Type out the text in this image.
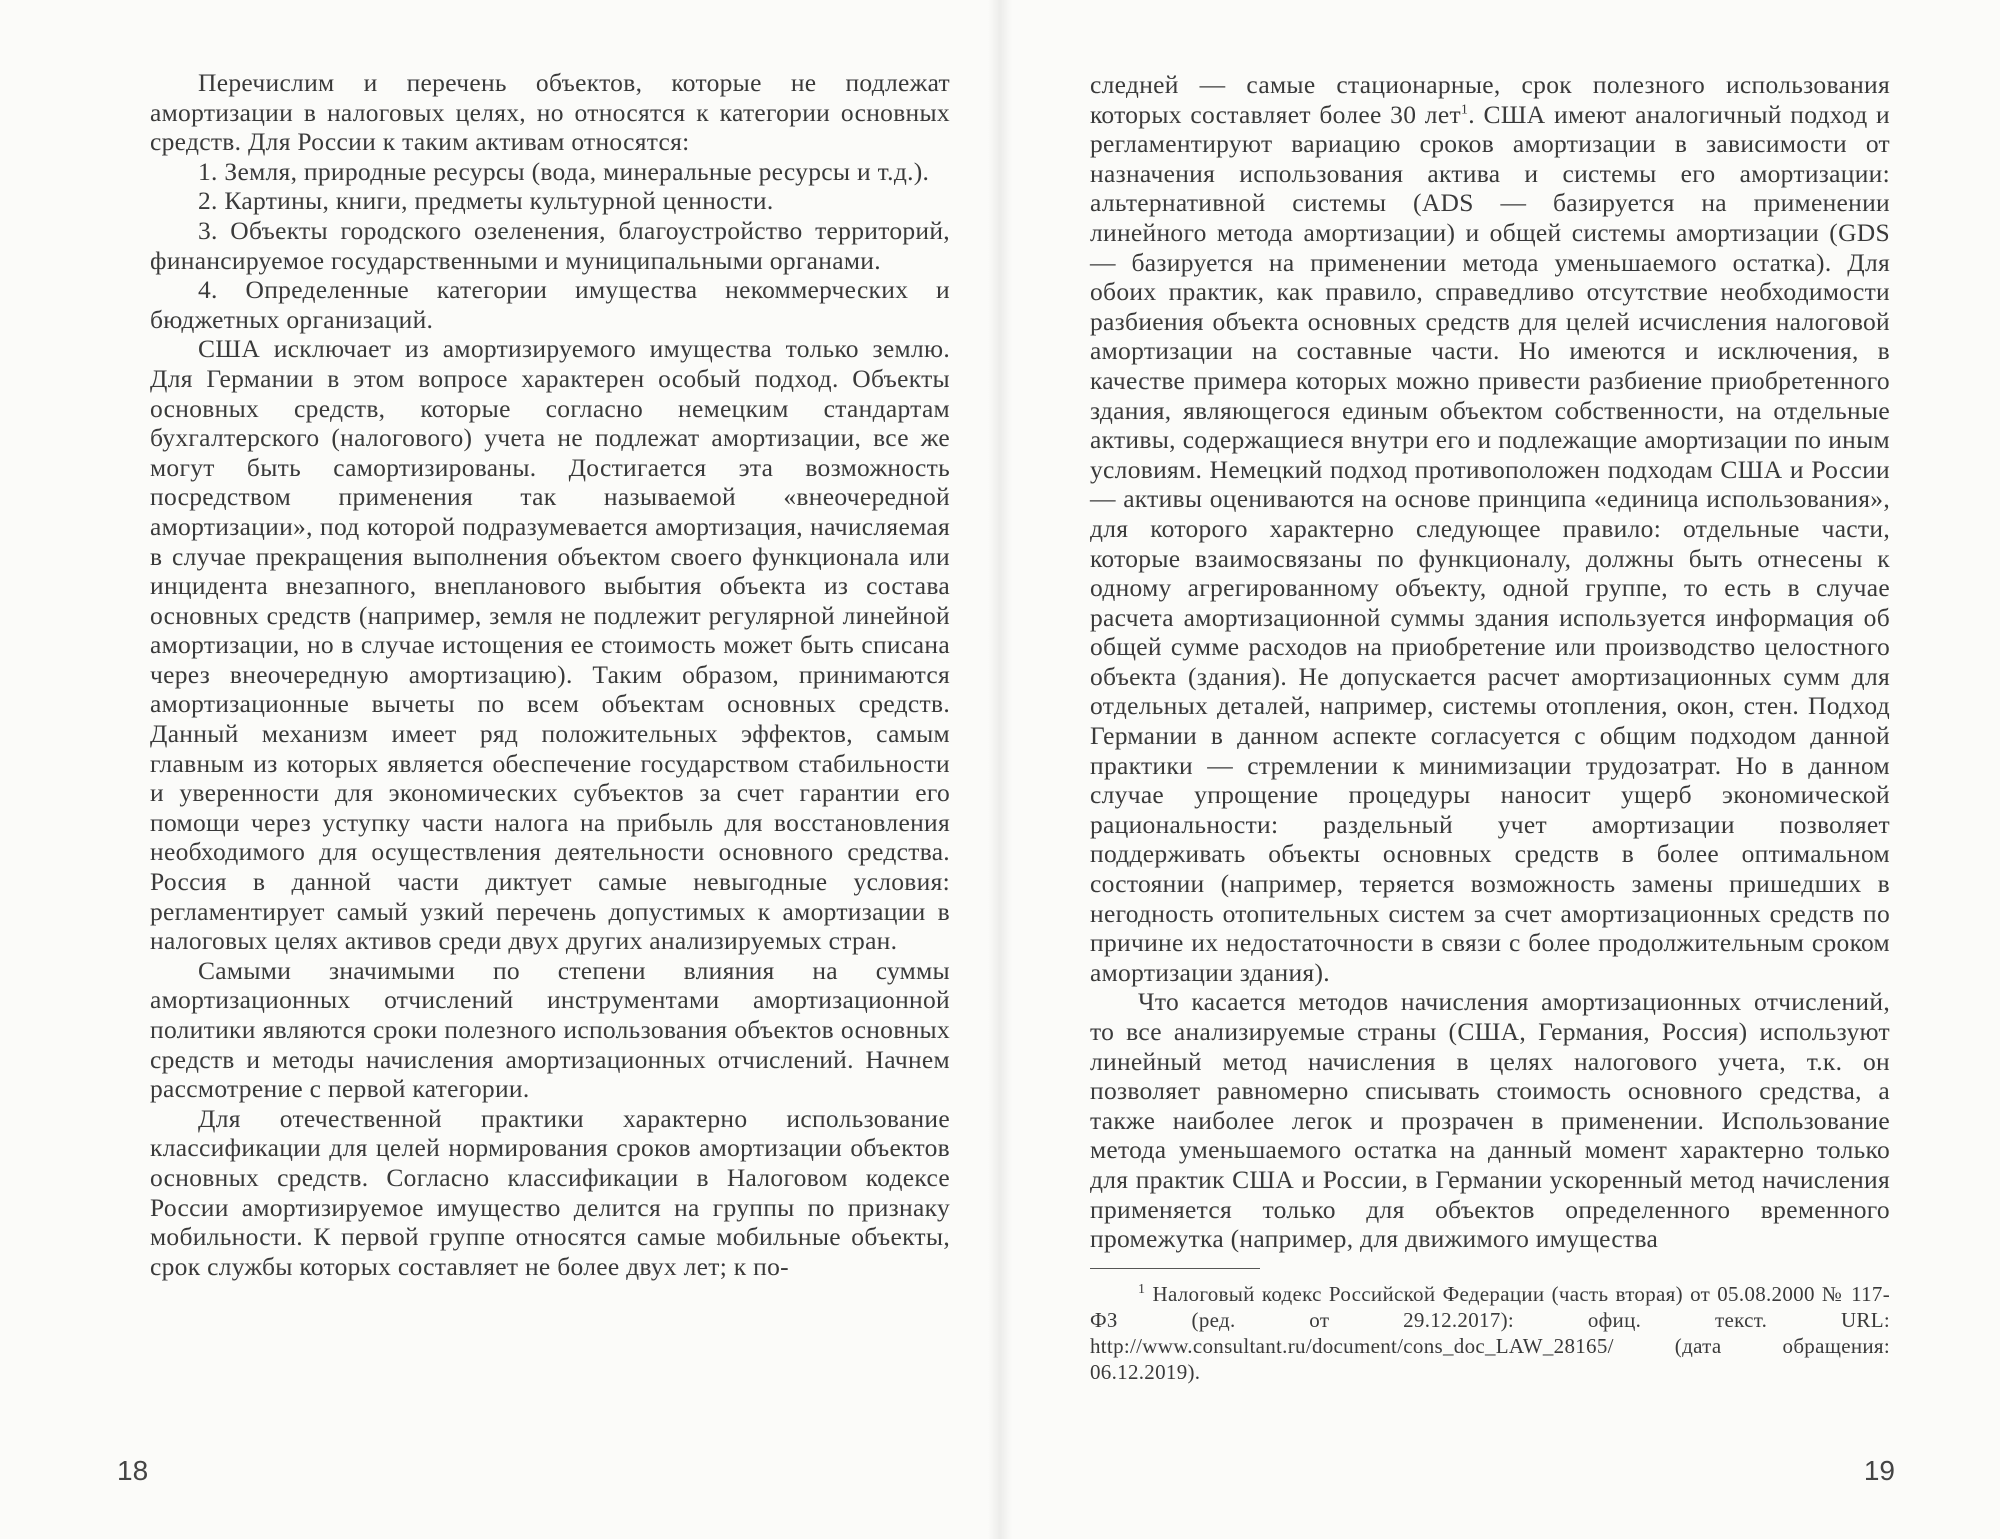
Перечислим и перечень объектов, которые не подлежат амортизации в налоговых целях, но относятся к категории основных средств. Для России к таким активам относятся:

1. Земля, природные ресурсы (вода, минеральные ресурсы и т.д.).

2. Картины, книги, предметы культурной ценности.

3. Объекты городского озеленения, благоустройство территорий, финансируемое государственными и муниципальными органами.

4. Определенные категории имущества некоммерческих и бюджетных организаций.

США исключает из амортизируемого имущества только землю. Для Германии в этом вопросе характерен особый подход. Объекты основных средств, которые согласно немецким стандартам бухгалтерского (налогового) учета не подлежат амортизации, все же могут быть самортизированы. Достигается эта возможность посредством применения так называемой «внеочередной амортизации», под которой подразумевается амортизация, начисляемая в случае прекращения выполнения объектом своего функционала или инцидента внезапного, внепланового выбытия объекта из состава основных средств (например, земля не подлежит регулярной линейной амортизации, но в случае истощения ее стоимость может быть списана через внеочередную амортизацию). Таким образом, принимаются амортизационные вычеты по всем объектам основных средств. Данный механизм имеет ряд положительных эффектов, самым главным из которых является обеспечение государством стабильности и уверенности для экономических субъектов за счет гарантии его помощи через уступку части налога на прибыль для восстановления необходимого для осуществления деятельности основного средства. Россия в данной части диктует самые невыгодные условия: регламентирует самый узкий перечень допустимых к амортизации в налоговых целях активов среди двух других анализируемых стран.

Самыми значимыми по степени влияния на суммы амортизационных отчислений инструментами амортизационной политики являются сроки полезного использования объектов основных средств и методы начисления амортизационных отчислений. Начнем рассмотрение с первой категории.

Для отечественной практики характерно использование классификации для целей нормирования сроков амортизации объектов основных средств. Согласно классификации в Налоговом кодексе России амортизируемое имущество делится на группы по признаку мобильности. К первой группе относятся самые мобильные объекты, срок службы которых составляет не более двух лет; к по-

18

следней — самые стационарные, срок полезного использования которых составляет более 30 лет$^1$. США имеют аналогичный подход и регламентируют вариацию сроков амортизации в зависимости от назначения использования актива и системы его амортизации: альтернативной системы (ADS — базируется на применении линейного метода амортизации) и общей системы амортизации (GDS — базируется на применении метода уменьшаемого остатка). Для обоих практик, как правило, справедливо отсутствие необходимости разбиения объекта основных средств для целей исчисления налоговой амортизации на составные части. Но имеются и исключения, в качестве примера которых можно привести разбиение приобретенного здания, являющегося единым объектом собственности, на отдельные активы, содержащиеся внутри его и подлежащие амортизации по иным условиям. Немецкий подход противоположен подходам США и России — активы оцениваются на основе принципа «единица использования», для которого характерно следующее правило: отдельные части, которые взаимосвязаны по функционалу, должны быть отнесены к одному агрегированному объекту, одной группе, то есть в случае расчета амортизационной суммы здания используется информация об общей сумме расходов на приобретение или производство целостного объекта (здания). Не допускается расчет амортизационных сумм для отдельных деталей, например, системы отопления, окон, стен. Подход Германии в данном аспекте согласуется с общим подходом данной практики — стремлении к минимизации трудозатрат. Но в данном случае упрощение процедуры наносит ущерб экономической рациональности: раздельный учет амортизации позволяет поддерживать объекты основных средств в более оптимальном состоянии (например, теряется возможность замены пришедших в негодность отопительных систем за счет амортизационных средств по причине их недостаточности в связи с более продолжительным сроком амортизации здания).

Что касается методов начисления амортизационных отчислений, то все анализируемые страны (США, Германия, Россия) используют линейный метод начисления в целях налогового учета, т.к. он позволяет равномерно списывать стоимость основного средства, а также наиболее легок и прозрачен в применении. Использование метода уменьшаемого остатка на данный момент характерно только для практик США и России, в Германии ускоренный метод начисления применяется только для объектов определенного временного промежутка (например, для движимого имущества

$^1$ Налоговый кодекс Российской Федерации (часть вторая) от 05.08.2000 № 117-ФЗ (ред. от 29.12.2017): офиц. текст. URL: http://www.consultant.ru/document/cons_doc_LAW_28165/ (дата обращения: 06.12.2019).

19
